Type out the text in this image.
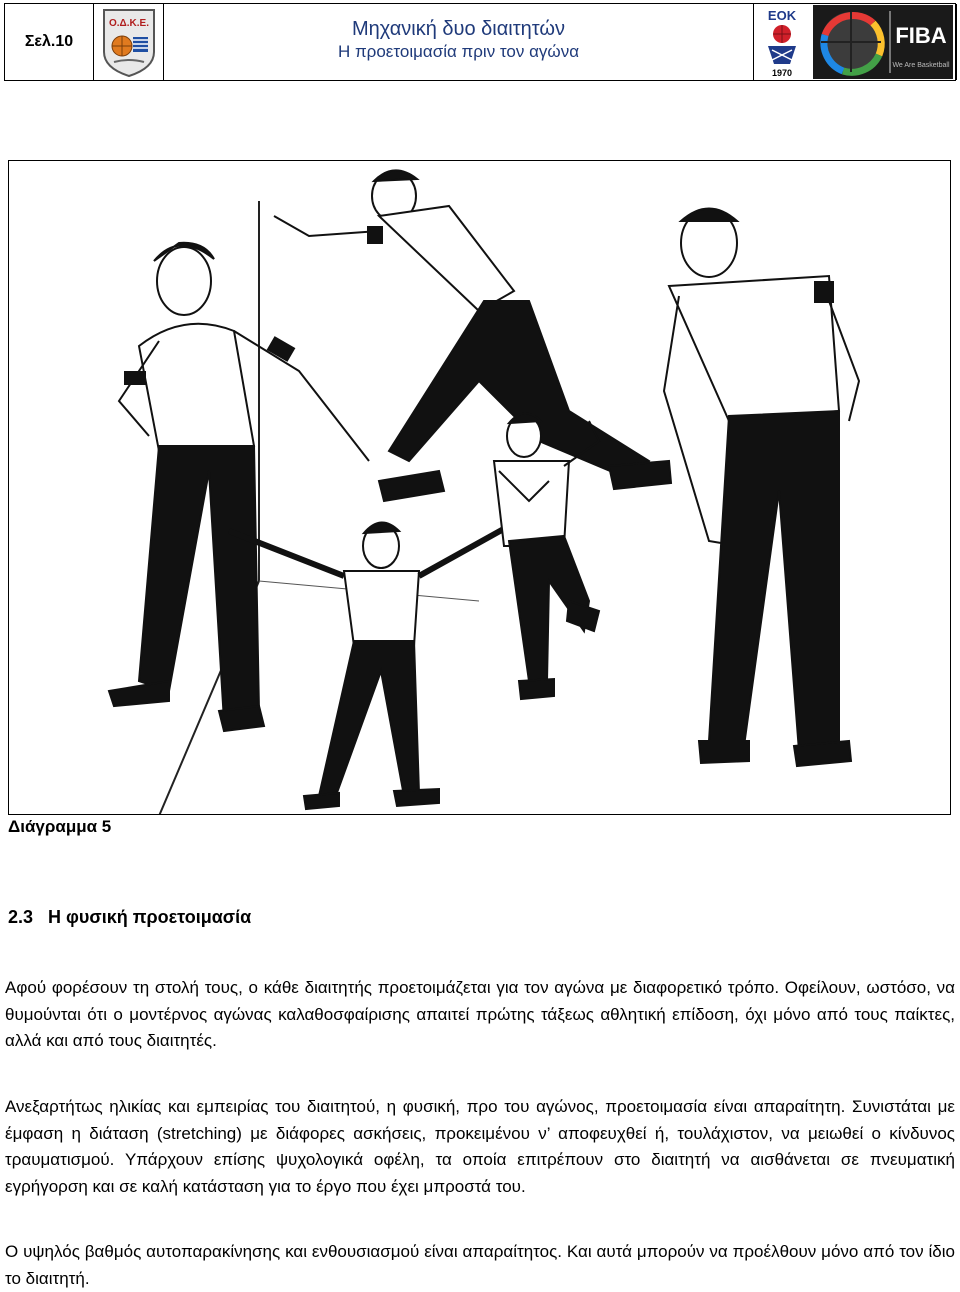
Σελ.10
Ο.Δ.Κ.Ε.	Μηχανική δυο διαιτητών
Η προετοιμασία πριν τον αγώνα
ΕΟΚ
1970
FIBA
We Are Basketball
Διάγραμμα 5
2.3   Η φυσική προετοιμασία

Αφού φορέσουν τη στολή τους, ο κάθε διαιτητής προετοιμάζεται για τον αγώνα με διαφορετικό τρόπο. Οφείλουν, ωστόσο, να θυμούνται ότι ο μοντέρνος αγώνας καλαθοσφαίρισης απαιτεί πρώτης τάξεως αθλητική επίδοση, όχι μόνο από τους παίκτες, αλλά και από τους διαιτητές.

Ανεξαρτήτως ηλικίας και εμπειρίας του διαιτητού, η φυσική, προ του αγώνος, προετοιμασία είναι απαραίτητη. Συνιστάται με έμφαση η διάταση (stretching) με διάφορες ασκήσεις, προκειμένου ν’ αποφευχθεί ή, τουλάχιστον, να μειωθεί ο κίνδυνος τραυματισμού. Υπάρχουν επίσης ψυχολογικά οφέλη, τα οποία επιτρέπουν στο διαιτητή να αισθάνεται σε πνευματική εγρήγορση και σε καλή κατάσταση για το έργο που έχει μπροστά του.

Ο υψηλός βαθμός αυτοπαρακίνησης και ενθουσιασμού είναι απαραίτητος. Και αυτά μπορούν να προέλθουν μόνο από τον ίδιο το διαιτητή.
